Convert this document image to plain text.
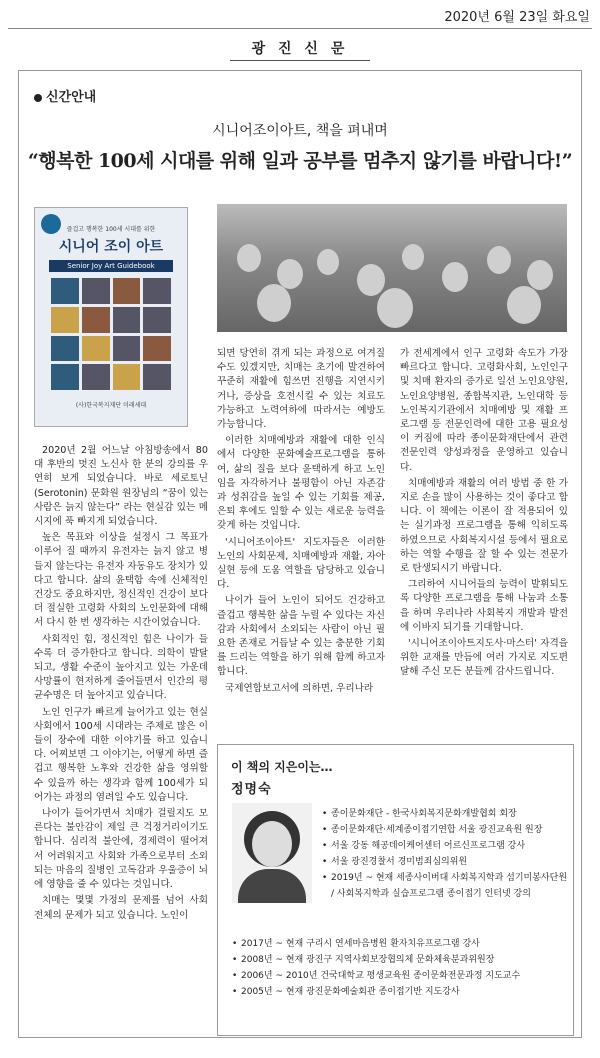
2020년 6월 23일 화요일
광 진 신 문
신간안내
시니어조이아트, 책을 펴내며
“행복한 100세 시대를 위해 일과 공부를 멈추지 않기를 바랍니다!”
즐겁고 행복한 100세 시대를 위한
시니어 조이 아트
Senior Joy Art Guidebook
(사)한국복지재단 미래세대

2020년 2월 어느날 아침방송에서 80대 후반의 멋진 노신사 한 분의 강의를 우연히 보게 되었습니다. 바로 세로토닌(Serotonin) 문화원 원장님의 “꿈이 있는 사람은 늙지 않는다” 라는 현실감 있는 메시지에 푹 빠지게 되었습니다.

높은 목표와 이상을 설정시 그 목표가 이루어 질 때까지 유전자는 늙지 않고 병들지 않는다는 유전자 자동유도 장치가 있다고 합니다. 삶의 윤택함 속에 신체적인 건강도 중요하지만, 정신적인 건강이 보다 더 절실한 고령화 사회의 노인문화에 대해서 다시 한 번 생각하는 시간이었습니다.

사회적인 힘, 정신적인 힘은 나이가 들수록 더 증가한다고 합니다. 의학이 발달되고, 생활 수준이 높아지고 있는 가운데 사망률이 현저하게 줄어들면서 인간의 평균수명은 더 높아지고 있습니다.

노인 인구가 빠르게 늘어가고 있는 현실 사회에서 100세 시대라는 주제로 많은 이들이 장수에 대한 이야기를 하고 있습니다. 어찌보면 그 이야기는, 어떻게 하면 즐겁고 행복한 노후와 건강한 삶을 영위할 수 있을까 하는 생각과 함께 100세가 되어가는 과정의 염려일 수도 있습니다.

나이가 들어가면서 치매가 걸릴지도 모른다는 불안감이 제일 큰 걱정거리이기도 합니다. 심리적 불안에, 경제력이 떨어져서 어려워지고 사회와 가족으로부터 소외되는 마음의 질병인 고독감과 우울증이 뇌에 영향을 줄 수 있다는 것입니다.

치매는 몇몇 가정의 문제를 넘어 사회 전체의 문제가 되고 있습니다. 노인이

되면 당연히 겪게 되는 과정으로 여겨질 수도 있겠지만, 치매는 초기에 발견하여 꾸준히 재활에 힘쓰면 진행을 지연시키거나, 증상을 호전시킬 수 있는 치료도 가능하고 노력여하에 따라서는 예방도 가능합니다.

이러한 치매예방과 재활에 대한 인식에서 다양한 문화예술프로그램을 통하여, 삶의 질을 보다 윤택하게 하고 노인임을 자각하거나 불평함이 아닌 자존감과 성취감을 높일 수 있는 기회를 제공, 은퇴 후에도 일할 수 있는 새로운 능력을 갖게 하는 것입니다.

'시니어조이아트' 지도자들은 이러한 노인의 사회문제, 치매예방과 재활, 자아실현 등에 도움 역할을 담당하고 있습니다.

나이가 들어 노인이 되어도 건강하고 즐겁고 행복한 삶을 누릴 수 있다는 자신감과 사회에서 소외되는 사람이 아닌 필요한 존재로 거듭날 수 있는 충분한 기회를 드리는 역할을 하기 위해 함께 하고자 합니다.

국제연합보고서에 의하면, 우리나라

가 전세계에서 인구 고령화 속도가 가장 빠르다고 합니다. 고령화사회, 노인인구 및 치매 환자의 증가로 일선 노인요양원, 노인요양병원, 종합복지관, 노인대학 등 노인복지기관에서 치매예방 및 재활 프로그램 등 전문인력에 대한 고용 필요성이 커짐에 따라 종이문화재단에서 관련 전문인력 양성과정을 운영하고 있습니다.

치매예방과 재활의 여러 방법 중 한 가지로 손을 많이 사용하는 것이 좋다고 합니다. 이 책에는 이론이 잘 적용되어 있는 실기과정 프로그램을 통해 익히도록 하였으므로 사회복지시설 등에서 필요로 하는 역할 수행을 잘 할 수 있는 전문가로 탄생되시기 바랍니다.

그리하여 시니어들의 능력이 발휘되도록 다양한 프로그램을 통해 나눔과 소통을 하며 우리나라 사회복지 개발과 발전에 이바지 되기를 기대합니다.

'시니어조이아트지도사·마스터' 자격을 위한 교재를 만듬에 여러 가지로 지도편달해 주신 모든 분들께 감사드립니다.

이 책의 지은이는…
정명숙
• 종이문화재단 - 한국사회복지문화개발협회 회장
• 종이문화재단·세계종이접기연합 서울 광진교육원 원장
• 서울 강동 해공데이케어센터 어르신프로그램 강사
• 서울 광진경찰서 경미범죄심의위원
• 2019년 ~ 현재 세종사이버대 사회복지학과 섬기미봉사단원 / 사회복지학과 실습프로그램 종이접기 인터넷 강의
• 2017년 ~ 현재 구리시 연세마음병원 환자치유프로그램 강사
• 2008년 ~ 현재 광진구 지역사회보장협의체 문화체육분과위원장
• 2006년 ~ 2010년 건국대학교 평생교육원 종이문화전문과정 지도교수
• 2005년 ~ 현재 광진문화예술회관 종이접기반 지도강사
